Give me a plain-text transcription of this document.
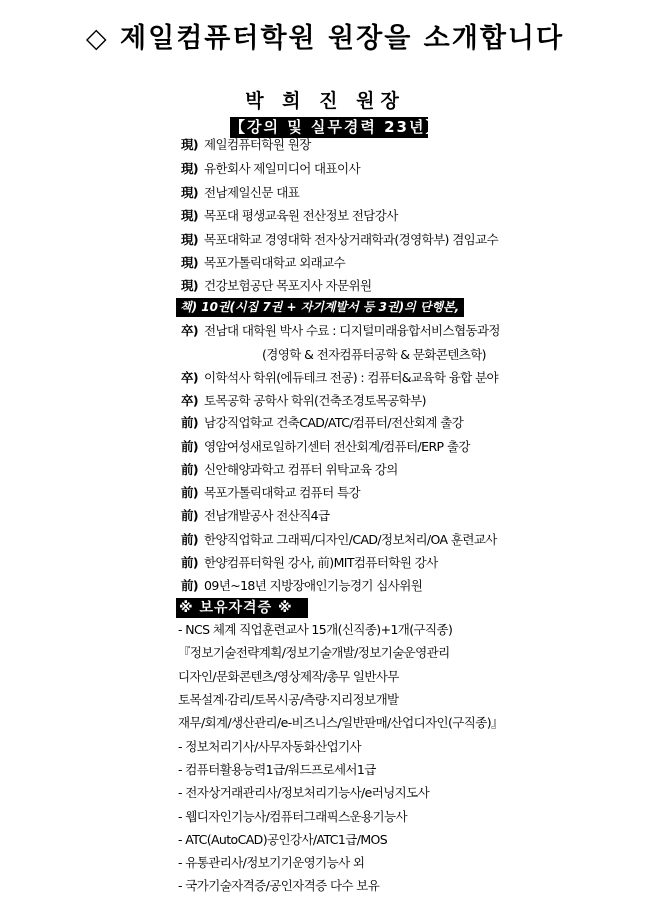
◇ 제일컴퓨터학원 원장을 소개합니다
박 희 진 원장
【강의 및 실무경력 23년】
現) 제일컴퓨터학원 원장
現) 유한회사 제일미디어 대표이사
現) 전남제일신문 대표
現) 목포대 평생교육원 전산정보 전담강사
現) 목포대학교 경영대학 전자상거래학과(경영학부) 겸임교수
現) 목포가톨릭대학교 외래교수
現) 건강보험공단 목포지사 자문위원
책) 10권(시집 7권 + 자기계발서 등 3권)의 단행본, 시인 및 작가
卒) 전남대 대학원 박사 수료 : 디지털미래융합서비스협동과정
(경영학 & 전자컴퓨터공학 & 문화콘텐츠학)
卒) 이학석사 학위(에듀테크 전공) : 컴퓨터&교육학 융합 분야
卒) 토목공학 공학사 학위(건축조경토목공학부)
前) 남강직업학교 건축CAD/ATC/컴퓨터/전산회계 출강
前) 영암여성새로일하기센터 전산회계/컴퓨터/ERP 출강
前) 신안해양과학고 컴퓨터 위탁교육 강의
前) 목포가톨릭대학교 컴퓨터 특강
前) 전남개발공사 전산직4급
前) 한양직업학교 그래픽/디자인/CAD/정보처리/OA 훈련교사
前) 한양컴퓨터학원 강사, 前)MIT컴퓨터학원 강사
前) 09년~18년 지방장애인기능경기 심사위원
※ 보유자격증 ※
- NCS 체계 직업훈련교사 15개(신직종)+1개(구직종)
『정보기술전략계획/정보기술개발/정보기술운영관리
디자인/문화콘텐츠/영상제작/총무 일반사무
토목설계·감리/토목시공/측량·지리정보개발
재무/회계/생산관리/e-비즈니스/일반판매/산업디자인(구직종)』
- 정보처리기사/사무자동화산업기사
- 컴퓨터활용능력1급/워드프로세서1급
- 전자상거래관리사/정보처리기능사/e러닝지도사
- 웹디자인기능사/컴퓨터그래픽스운용기능사
- ATC(AutoCAD)공인강사/ATC1급/MOS
- 유통관리사/정보기기운영기능사 외
- 국가기술자격증/공인자격증 다수 보유
